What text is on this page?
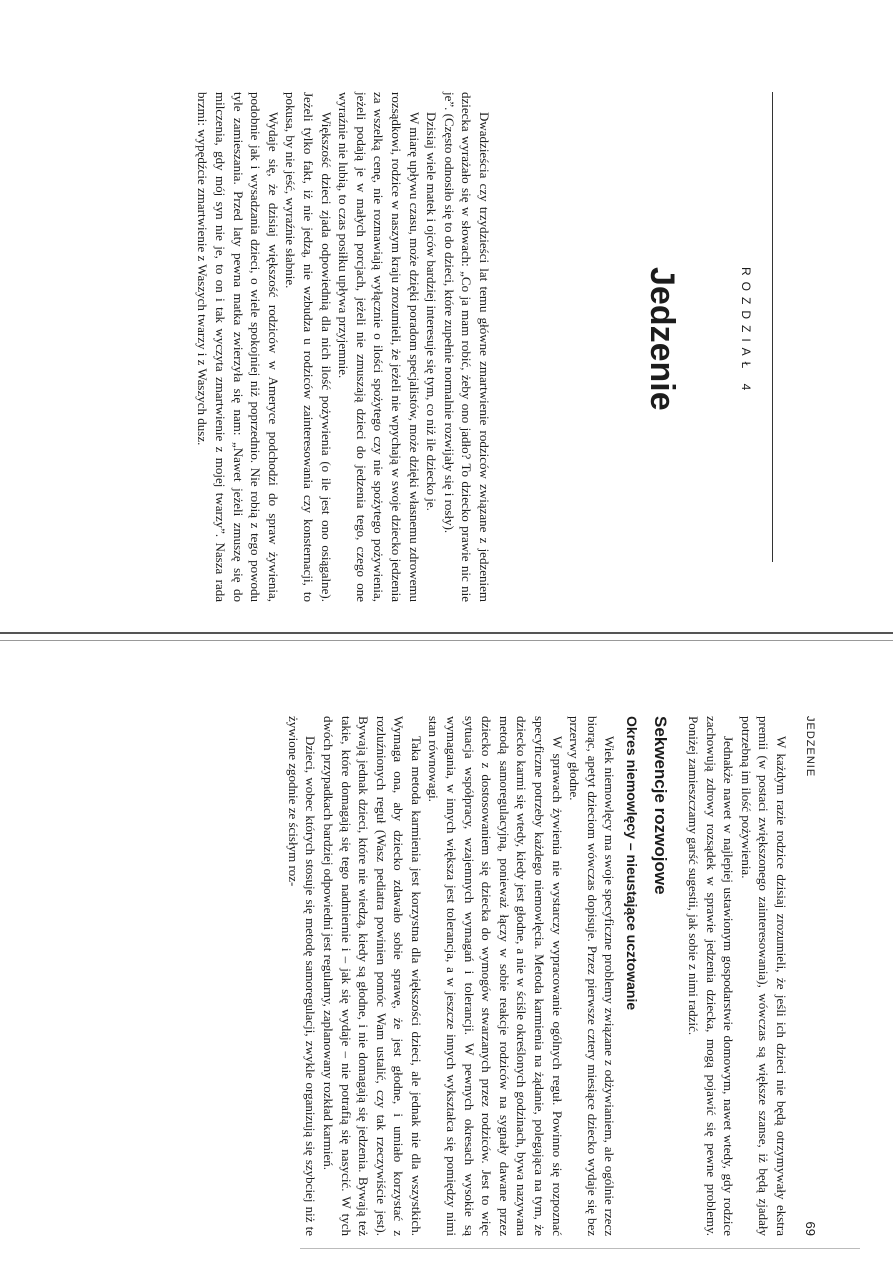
ROZDZIAŁ 4
Jedzenie

Dwadzieścia czy trzydzieści lat temu główne zmartwienie rodziców związane z jedzeniem dziecka wyrażało się w słowach: „Co ja mam robić, żeby ono jadło? To dziecko prawie nic nie je”. (Często odnosiło się to do dzieci, które zupełnie normalnie rozwijały się i rosły).

Dzisiaj wiele matek i ojców bardziej interesuje się tym, co niż ile dziecko je.

W miarę upływu czasu, może dzięki poradom specjalistów, może dzięki własnemu zdrowemu rozsądkowi, rodzice w naszym kraju zrozumieli, że jeżeli nie wpychają w swoje dziecko jedzenia za wszelką cenę, nie rozmawiają wyłącznie o ilości spożytego czy nie spożytego pożywienia, jeżeli podają je w małych porcjach, jeżeli nie zmuszają dzieci do jedzenia tego, czego one wyraźnie nie lubią, to czas posiłku upływa przyjemnie.

Większość dzieci zjada odpowiednią dla nich ilość pożywienia (o ile jest ono osiągalne). Jeżeli tylko fakt, iż nie jedzą, nie wzbudza u rodziców zainteresowania czy konsternacji, to pokusa, by nie jeść, wyraźnie słabnie.

Wydaje się, że dzisiaj większość rodziców w Ameryce podchodzi do spraw żywienia, podobnie jak i wysadzania dzieci, o wiele spokojniej niż poprzednio. Nie robią z tego powodu tyle zamieszania. Przed laty pewna matka zwierzyła się nam: „Nawet jeżeli zmuszę się do milczenia, gdy mój syn nie je, to on i tak wyczyta zmartwienie z mojej twarzy”. Nasza rada brzmi: wypędźcie zmartwienie z Waszych twarzy i z Waszych dusz.

JEDZENIE
69

W każdym razie rodzice dzisiaj zrozumieli, że jeśli ich dzieci nie będą otrzymywały ekstra premii (w postaci zwiększonego zainteresowania), wówczas są większe szanse, iż będą zjadały potrzebną im ilość pożywienia.

Jednakże nawet w najlepiej ustawionym gospodarstwie domowym, nawet wtedy, gdy rodzice zachowują zdrowy rozsądek w sprawie jedzenia dziecka, mogą pojawić się pewne problemy. Poniżej zamieszczamy garść sugestii, jak sobie z nimi radzić.

Sekwencje rozwojowe
Okres niemowlęcy – nieustające ucztowanie

Wiek niemowlęcy ma swoje specyficzne problemy związane z odżywianiem, ale ogólnie rzecz biorąc, apetyt dzieciom wówczas dopisuje. Przez pierwsze cztery miesiące dziecko wydaje się bez przerwy głodne.

W sprawach żywienia nie wystarczy wypracowanie ogólnych reguł. Powinno się rozpoznać specyficzne potrzeby każdego niemowlęcia. Metoda karmienia na żądanie, polegająca na tym, że dziecko karmi się wtedy, kiedy jest głodne, a nie w ściśle określonych godzinach, bywa nazywana metodą samoregulacyjną, ponieważ łączy w sobie reakcje rodziców na sygnały dawane przez dziecko z dostosowaniem się dziecka do wymogów stwarzanych przez rodziców. Jest to więc sytuacja współpracy, wzajemnych wymagań i tolerancji. W pewnych okresach wysokie są wymagania, w innych większa jest tolerancja, a w jeszcze innych wykształca się pomiędzy nimi stan równowagi.

Taka metoda karmienia jest korzystna dla większości dzieci, ale jednak nie dla wszystkich. Wymaga ona, aby dziecko zdawało sobie sprawę, że jest głodne, i umiało korzystać z rozluźnionych reguł (Wasz pediatra powinien pomóc Wam ustalić, czy tak rzeczywiście jest). Bywają jednak dzieci, które nie wiedzą, kiedy są głodne, i nie domagają się jedzenia. Bywają też takie, które domagają się tego nadmiernie i – jak się wydaje – nie potrafią się nasycić. W tych dwóch przypadkach bardziej odpowiedni jest regularny, zaplanowany rozkład karmień.

Dzieci, wobec których stosuje się metodę samoregulacji, zwykle organizują się szybciej niż te żywione zgodnie ze ścisłym roz-
